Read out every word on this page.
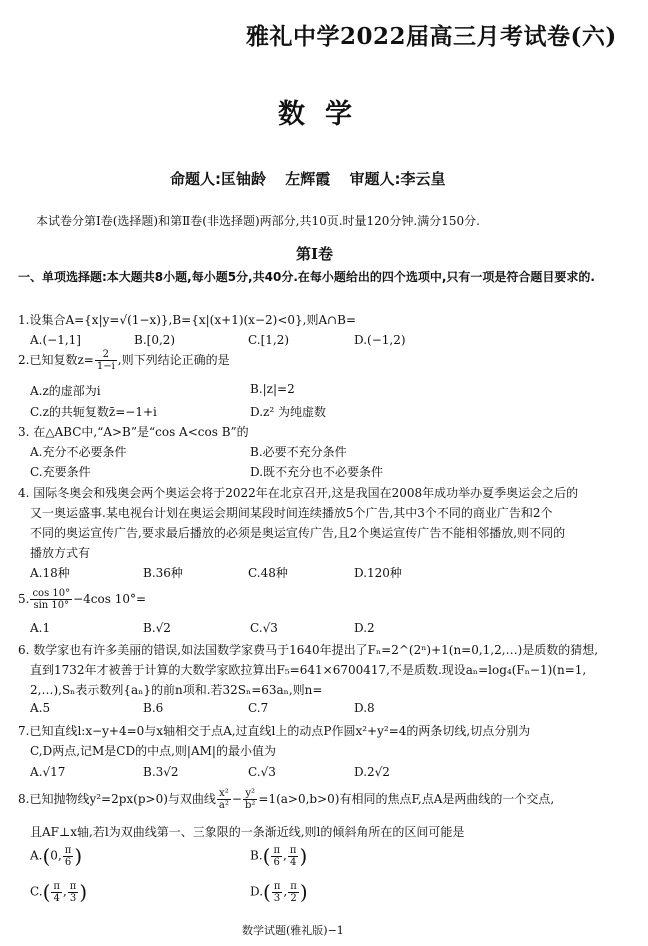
雅礼中学2022届高三月考试卷(六)
数学
命题人:匡铀龄 左辉霞 审题人:李云皇
本试卷分第Ⅰ卷(选择题)和第Ⅱ卷(非选择题)两部分,共10页.时量120分钟.满分150分.
第Ⅰ卷
一、单项选择题:本大题共8小题,每小题5分,共40分.在每小题给出的四个选项中,只有一项是符合题目要求的.
1.设集合A={x|y=√(1−x)},B={x|(x+1)(x−2)<0},则A∩B=
A.(−1,1]	B.[0,2)	C.[1,2)	D.(−1,2)
2.已知复数$z= \frac{2}{1-i}$ ,则下列结论正确的是
A.z的虚部为i	B.|z|=2
C.z的共轭复数z̄=−1+i	D.z² 为纯虚数
3. 在△ABC中,“A>B”是“cos A<cos B”的
A.充分不必要条件	B.必要不充分条件
C.充要条件	D.既不充分也不必要条件
4. 国际冬奥会和残奥会两个奥运会将于2022年在北京召开,这是我国在2008年成功举办夏季奥运会之后的
又一奥运盛事.某电视台计划在奥运会期间某段时间连续播放5个广告,其中3个不同的商业广告和2个
不同的奥运宣传广告,要求最后播放的必须是奥运宣传广告,且2个奥运宣传广告不能相邻播放,则不同的
播放方式有
A.18种	B.36种	C.48种	D.120种
5. $\frac{\cos 10^\circ}{\sin 10^\circ} -4\cos$ 10°=
A.1	B.√2	C.√3	D.2
6. 数学家也有许多美丽的错误,如法国数学家费马于1640年提出了Fₙ=2^(2ⁿ)+1(n=0,1,2,…)是质数的猜想,
直到1732年才被善于计算的大数学家欧拉算出F₅=641×6700417,不是质数.现设aₙ=log₄(Fₙ−1)(n=1,
2,…),Sₙ表示数列{aₙ}的前n项和.若32Sₙ=63aₙ,则n=
A.5	B.6	C.7	D.8
7.已知直线l:x−y+4=0与x轴相交于点A,过直线l上的动点P作圆x²+y²=4的两条切线,切点分别为
C,D两点,记M是CD的中点,则|AM|的最小值为
A.√17	B.3√2	C.√3	D.2√2
8.已知抛物线y²=2px(p>0)与双曲线 $\frac{\text{x²}}{\text{a²}} - \frac{\text{y²}}{\text{b²}} =1(a>0,b>0)$有相同的焦点F,点A是两曲线的一个交点,
且AF⊥x轴,若l为双曲线第一、三象限的一条渐近线,则l的倾斜角所在的区间可能是
A.(0, $\frac{\pi}{6}$ )	$B.( \frac{\pi}{6}$ , $\frac{\pi}{4}$ )
$C.( \frac{\pi}{4}$ , $\frac{\pi}{3}$ )	$D.( \frac{\pi}{3}$ , $\frac{\pi}{2}$ )
数学试题(雅礼版)−1
